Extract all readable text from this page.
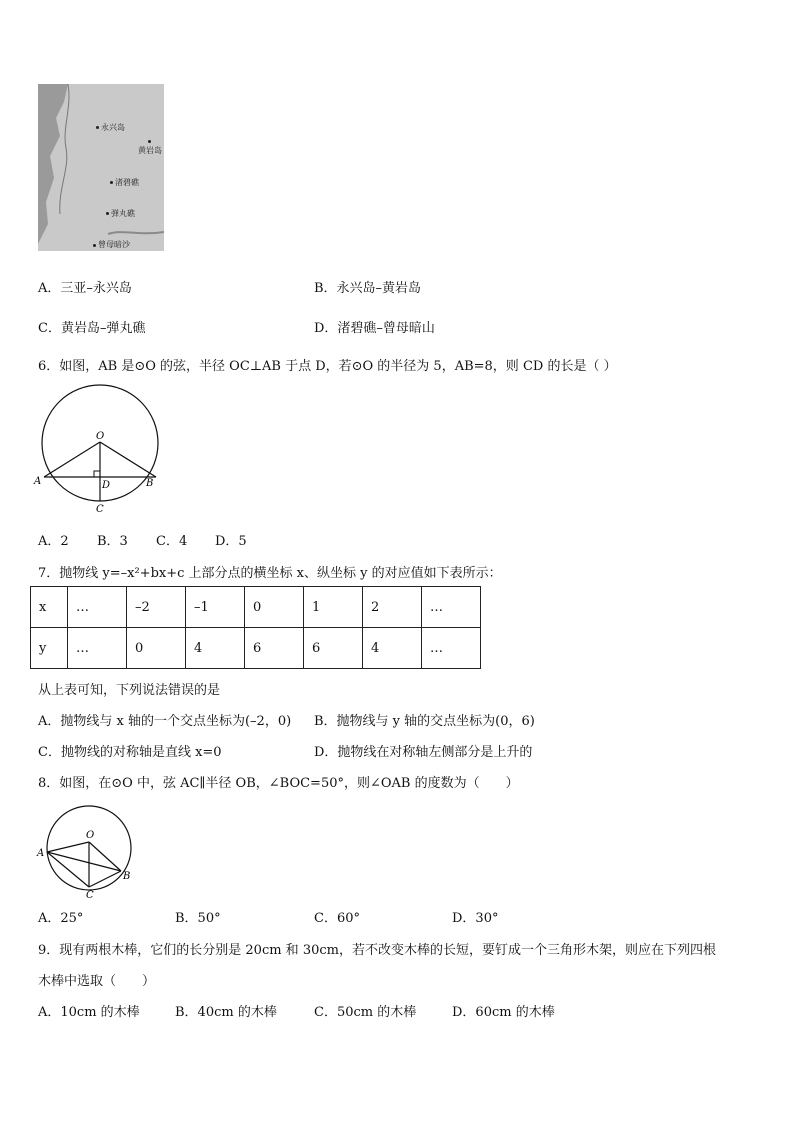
永兴岛
黄岩岛
渚碧礁
弹丸礁
曾母暗沙
A．三亚–永兴岛	B．永兴岛–黄岩岛
C．黄岩岛–弹丸礁	D．渚碧礁–曾母暗山
6．如图，AB 是⊙O 的弦，半径 OC⊥AB 于点 D，若⊙O 的半径为 5，AB=8，则 CD 的长是（ ）
O
A	B
C
D
A．2 B．3 C．4 D．5
7．抛物线 y=–x²+bx+c 上部分点的横坐标 x、纵坐标 y 的对应值如下表所示：
x	…	–2	–1	0	1	2	…
y	…	0	4	6	6	4	…
从上表可知，下列说法错误的是
A．抛物线与 x 轴的一个交点坐标为(–2，0) B．抛物线与 y 轴的交点坐标为(0，6)
C．抛物线的对称轴是直线 x=0	D．抛物线在对称轴左侧部分是上升的
8．如图，在⊙O 中，弦 AC∥半径 OB，∠BOC=50°，则∠OAB 的度数为（　　）
O
A
B
C
A．25°	B．50°	C．60°	D．30°
9．现有两根木棒，它们的长分别是 20cm 和 30cm，若不改变木棒的长短，要钉成一个三角形木架，则应在下列四根
木棒中选取（　　）
A．10cm 的木棒	B．40cm 的木棒	C．50cm 的木棒	D．60cm 的木棒
